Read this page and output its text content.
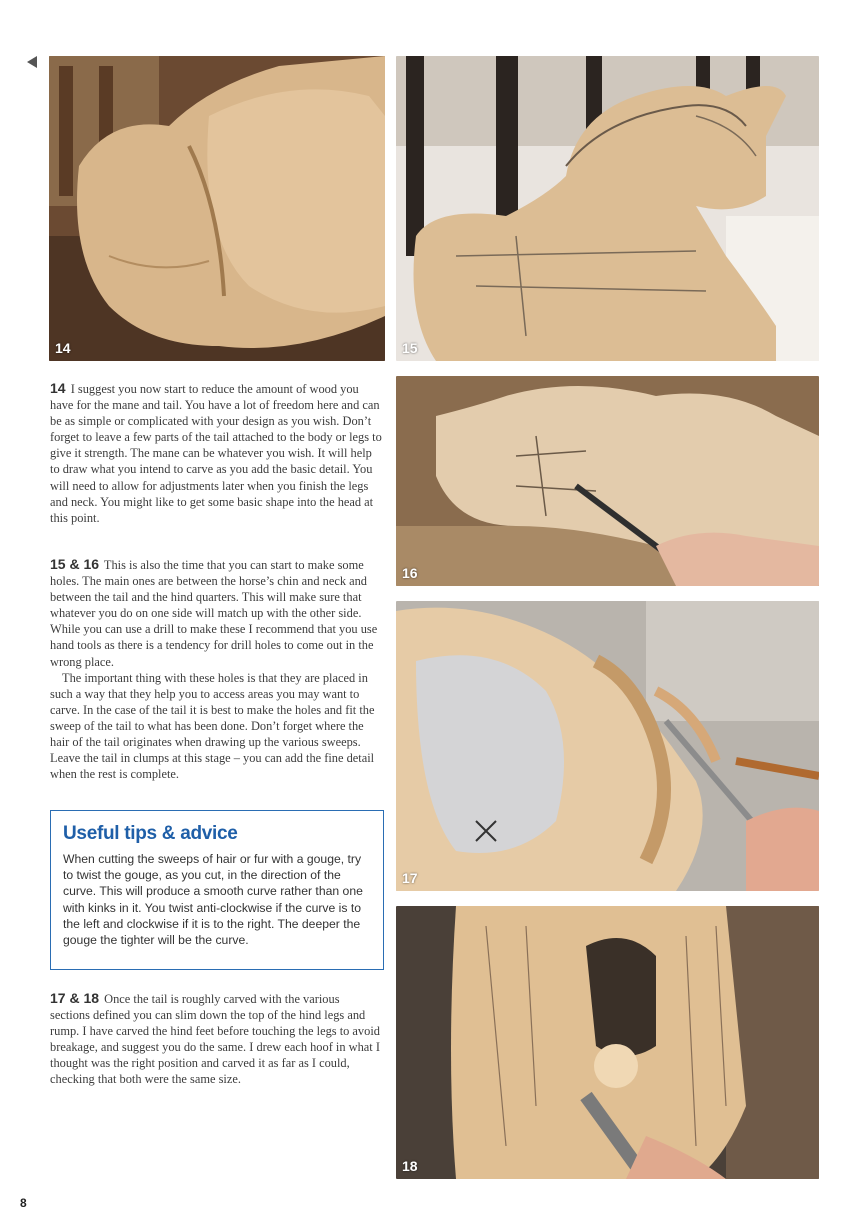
14	15
16
17
18

14 I suggest you now start to reduce the amount of wood you have for the mane and tail. You have a lot of freedom here and can be as simple or complicated with your design as you wish. Don’t forget to leave a few parts of the tail attached to the body or legs to give it strength. The mane can be whatever you wish. It will help to draw what you intend to carve as you add the basic detail. You will need to allow for adjustments later when you finish the legs and neck. You might like to get some basic shape into the head at this point.

15 & 16 This is also the time that you can start to make some holes. The main ones are between the horse’s chin and neck and between the tail and the hind quarters. This will make sure that whatever you do on one side will match up with the other side. While you can use a drill to make these I recommend that you use hand tools as there is a tendency for drill holes to come out in the wrong place.

The important thing with these holes is that they are placed in such a way that they help you to access areas you may want to carve. In the case of the tail it is best to make the holes and fit the sweep of the tail to what has been done. Don’t forget where the hair of the tail originates when drawing up the various sweeps. Leave the tail in clumps at this stage – you can add the fine detail when the rest is complete.

Useful tips & advice

When cutting the sweeps of hair or fur with a gouge, try to twist the gouge, as you cut, in the direction of the curve. This will produce a smooth curve rather than one with kinks in it. You twist anti-clockwise if the curve is to the left and clockwise if it is to the right. The deeper the gouge the tighter will be the curve.

17 & 18 Once the tail is roughly carved with the various sections defined you can slim down the top of the hind legs and rump. I have carved the hind feet before touching the legs to avoid breakage, and suggest you do the same. I drew each hoof in what I thought was the right position and carved it as far as I could, checking that both were the same size.

8
